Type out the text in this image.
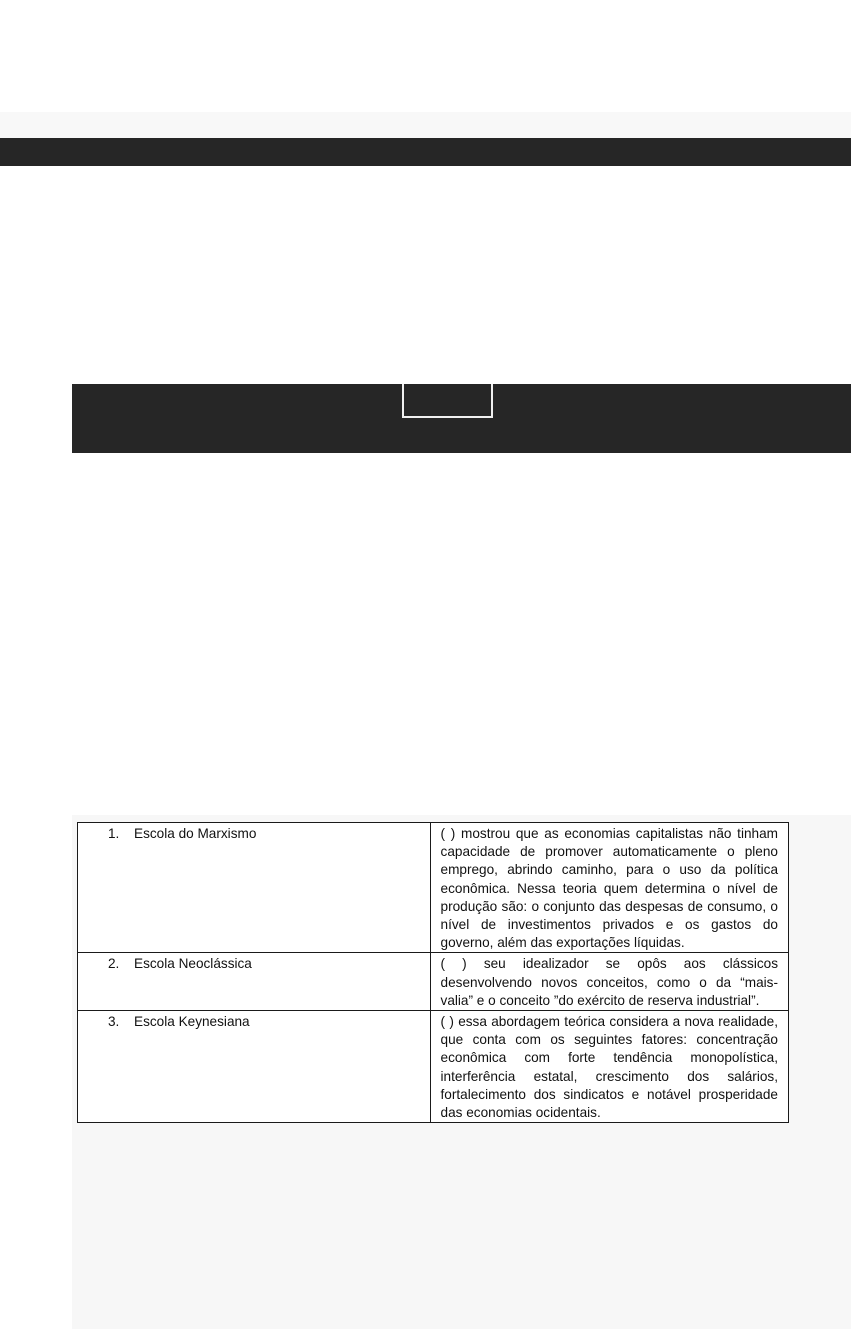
1. Escola do Marxismo	( ) mostrou que as economias capitalistas não tinham capacidade de promover automaticamente o pleno emprego, abrindo caminho, para o uso da política econômica. Nessa teoria quem determina o nível de produção são: o conjunto das despesas de consumo, o nível de investimentos privados e os gastos do governo, além das exportações líquidas.

2. Escola Neoclássica	( ) seu idealizador se opôs aos clássicos desenvolvendo novos conceitos, como o da “mais-valia” e o conceito ”do exército de reserva industrial”.

3. Escola Keynesiana	( ) essa abordagem teórica considera a nova realidade, que conta com os seguintes fatores: concentração econômica com forte tendência monopolística, interferência estatal, crescimento dos salários, fortalecimento dos sindicatos e notável prosperidade das economias ocidentais.
